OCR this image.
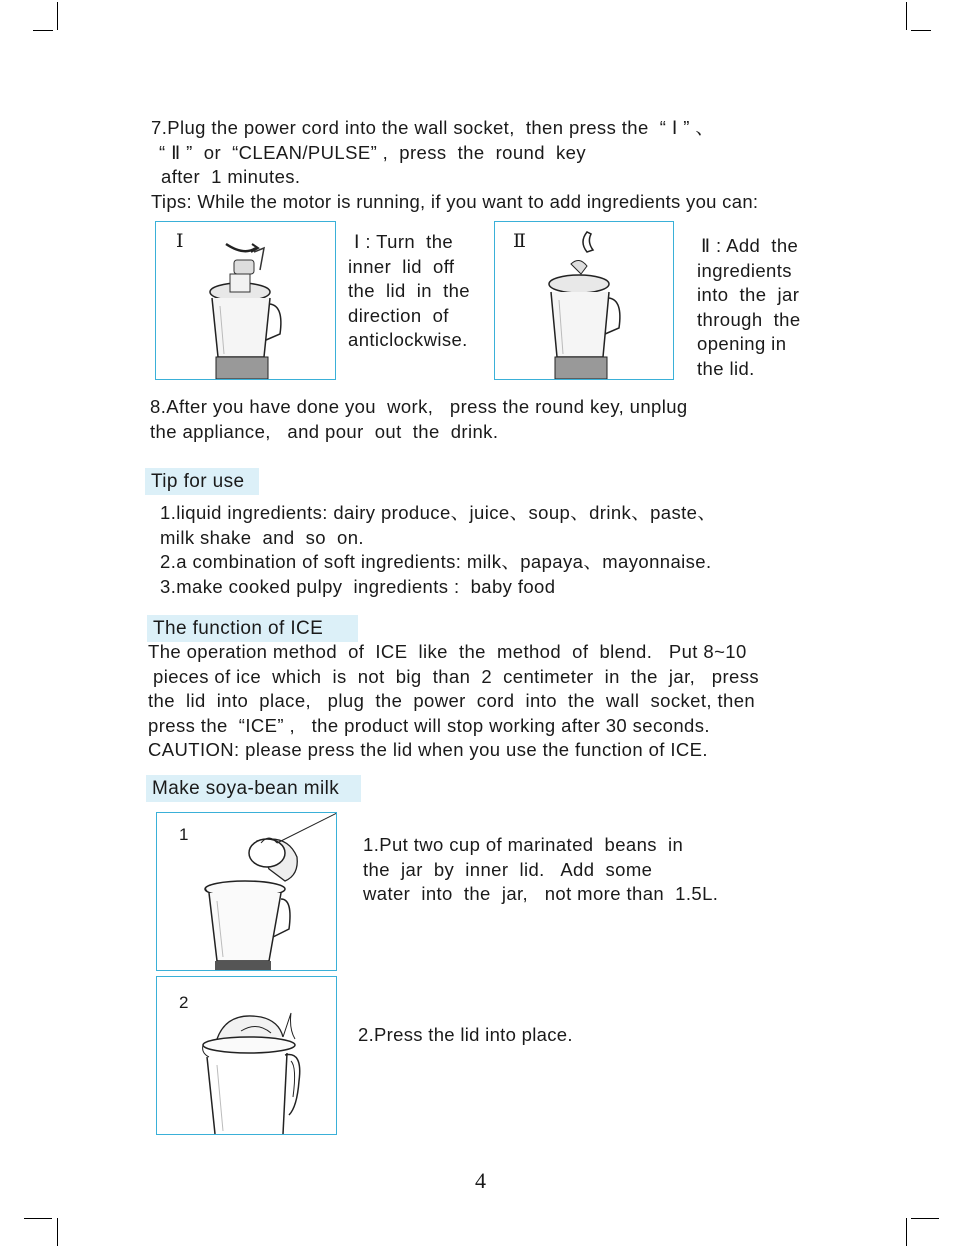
7.Plug the power cord into the wall socket,  then press the  “ Ⅰ ” 、
“ Ⅱ ”  or  “CLEAN/PULSE” ,  press  the  round  key
after  1 minutes.
Tips: While the motor is running, if you want to add ingredients you can:
Ⅰ	Ⅰ : Turn  the
inner  lid  off
the  lid  in  the
direction  of
anticlockwise.
Ⅱ	Ⅱ : Add  the
ingredients
into  the  jar
through  the
opening in
the lid.
8.After you have done you  work,   press the round key, unplug
the appliance,   and pour  out  the  drink.
Tip for use
1.liquid ingredients: dairy produce、juice、soup、drink、paste、
milk shake  and  so  on.
2.a combination of soft ingredients: milk、papaya、mayonnaise.
3.make cooked pulpy  ingredients :  baby food
The function of ICE
The operation method  of  ICE  like  the  method  of  blend.   Put 8~10
pieces of ice  which  is  not  big  than  2  centimeter  in  the  jar,   press
the  lid  into  place,   plug  the  power  cord  into  the  wall  socket, then
press the  “ICE” ,   the product will stop working after 30 seconds.
CAUTION: please press the lid when you use the function of ICE.
Make soya-bean milk
1	1.Put two cup of marinated  beans  in
the  jar  by  inner  lid.   Add  some
water  into  the  jar,   not more than  1.5L.
2
2.Press the lid into place.
4
